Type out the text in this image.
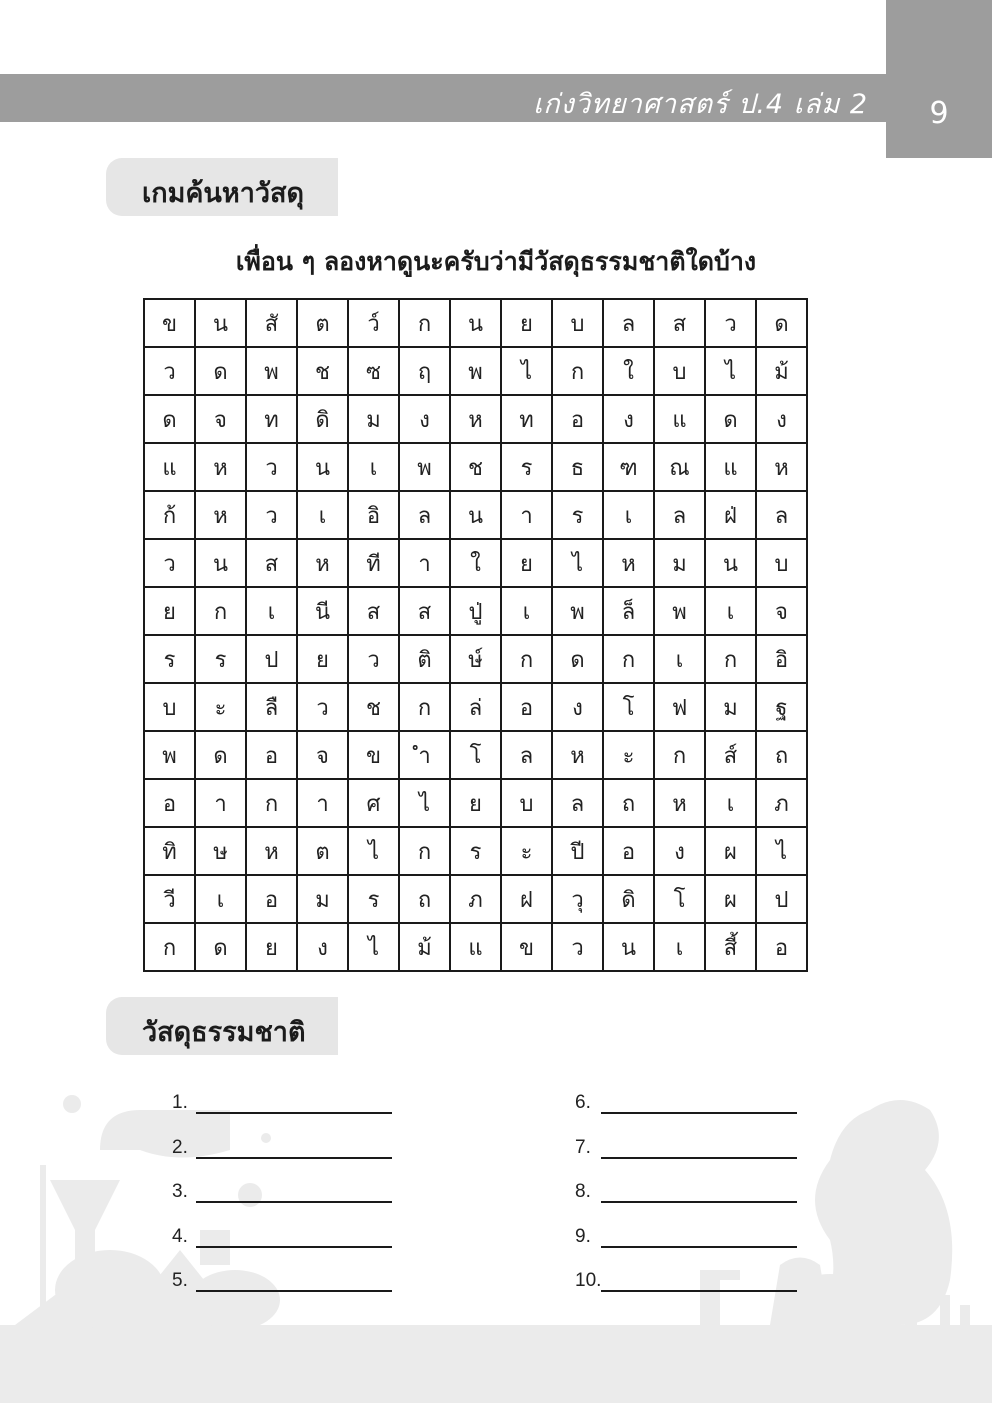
เก่งวิทยาศาสตร์ ป.4 เล่ม 2	9
เกมค้นหาวัสดุ
เพื่อน ๆ ลองหาดูนะครับว่ามีวัสดุธรรมชาติใดบ้าง
ข	น	สั	ต	ว์	ก	น	ย	บ	ล	ส	ว	ด
ว	ด	พ	ช	ซ	ฤ	พ	ไ	ก	ใ	บ	ไ	ม้
ด	จ	ท	ดิ	ม	ง	ห	ท	อ	ง	แ	ด	ง
แ	ห	ว	น	เ	พ	ช	ร	ธ	ฑ	ณ	แ	ห
ก้	ห	ว	เ	อิ	ล	น	า	ร	เ	ล	ฝ่	ล
ว	น	ส	ห	ที	า	ใ	ย	ไ	ห	ม	น	บ
ย	ก	เ	นี	ส	ส	ปู่	เ	พ	ล็	พ	เ	จ
ร	ร	ป	ย	ว	ติ	ษ์	ก	ด	ก	เ	ก	อิ
บ	ะ	ลื	ว	ช	ก	ล่	อ	ง	โ	ฟ	ม	ฐ
พ	ด	อ	จ	ข	ำ	โ	ล	ห	ะ	ก	ส์	ถ
อ	า	ก	า	ศ	ไ	ย	บ	ล	ถ	ห	เ	ภ
ทิ	ษ	ห	ต	ไ	ก	ร	ะ	ปี	อ	ง	ผ	ไ
วี	เ	อ	ม	ร	ถ	ภ	ฝ	วุ	ดิ	โ	ผ	ป
ก	ด	ย	ง	ไ	ม้	แ	ข	ว	น	เ	สี้	อ
วัสดุธรรมชาติ
1.
2.
3.
4.
5.
6.
7.
8.
9.
10.
